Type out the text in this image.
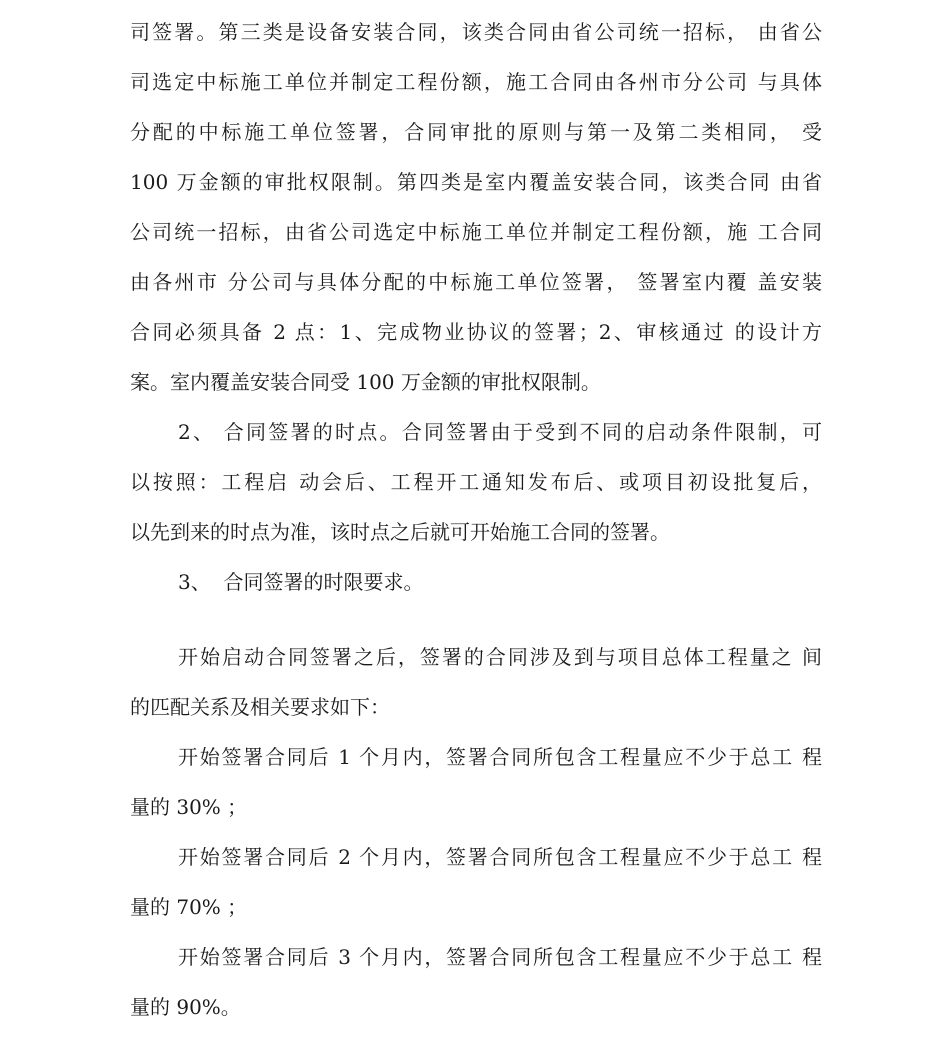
司签署。第三类是设备安装合同，该类合同由省公司统一招标， 由省公
司选定中标施工单位并制定工程份额，施工合同由各州市分公司 与具体
分配的中标施工单位签署，合同审批的原则与第一及第二类相同， 受
100 万金额的审批权限制。第四类是室内覆盖安装合同，该类合同 由省
公司统一招标，由省公司选定中标施工单位并制定工程份额，施 工合同
由各州市 分公司与具体分配的中标施工单位签署， 签署室内覆 盖安装
合同必须具备 2 点：1、完成物业协议的签署；2、审核通过 的设计方
案。室内覆盖安装合同受 100 万金额的审批权限制。
2、 合同签署的时点。合同签署由于受到不同的启动条件限制，可
以按照：工程启 动会后、工程开工通知发布后、或项目初设批复后，
以先到来的时点为准，该时点之后就可开始施工合同的签署。
3、  合同签署的时限要求。
开始启动合同签署之后，签署的合同涉及到与项目总体工程量之 间
的匹配关系及相关要求如下：
开始签署合同后 1 个月内，签署合同所包含工程量应不少于总工 程
量的 30% ；
开始签署合同后 2 个月内，签署合同所包含工程量应不少于总工 程
量的 70% ；
开始签署合同后 3 个月内，签署合同所包含工程量应不少于总工 程
量的 90%。
